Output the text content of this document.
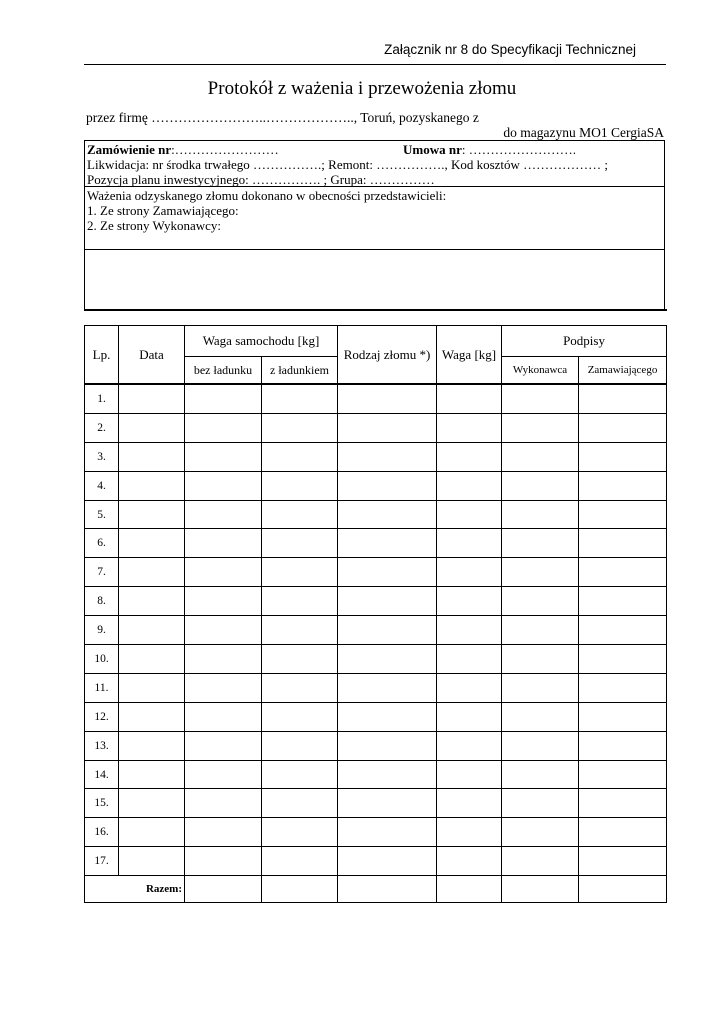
Załącznik nr 8 do Specyfikacji Technicznej
Protokół z ważenia i przewożenia złomu
przez firmę ……………………..……………….., Toruń, pozyskanego z
do magazynu MO1 CergiaSA
Zamówienie nr:……………………	Umowa nr: …………………….
Likwidacja: nr środka trwałego …………….; Remont: ……………., Kod kosztów ……………… ;
Pozycja planu inwestycyjnego: ……………. ; Grupa: ……………
Ważenia odzyskanego złomu dokonano w obecności przedstawicieli:
1. Ze strony Zamawiającego:
2. Ze strony Wykonawcy:
Lp.	Data	Waga samochodu [kg]		Rodzaj złomu *)	Waga [kg]	Podpisy	
		bez ładunku	z ładunkiem			Wykonawca	Zamawiającego
1.							
2.							
3.							
4.							
5.							
6.							
7.							
8.							
9.							
10.							
11.							
12.							
13.							
14.							
15.							
16.							
17.							
Razem:							
